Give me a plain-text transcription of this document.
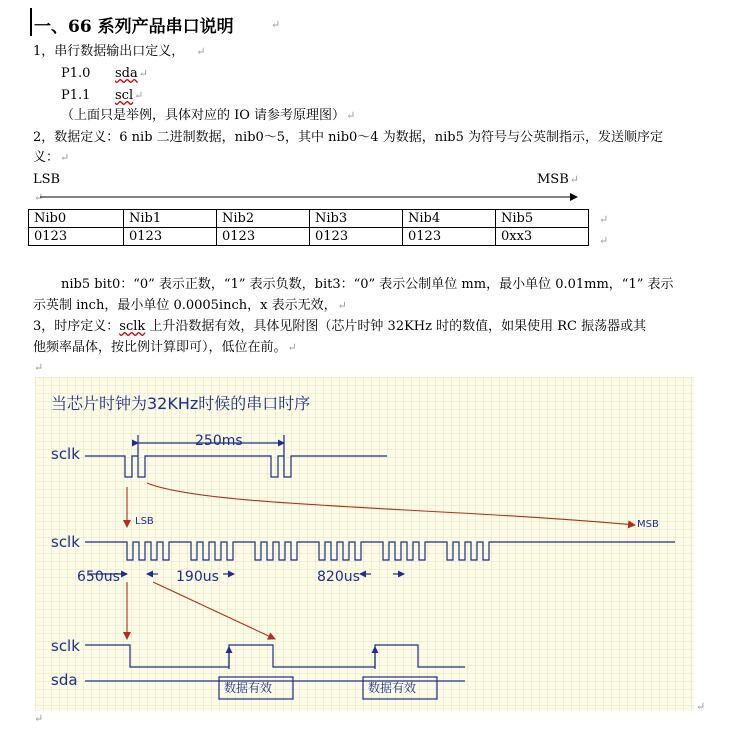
一、66 系列产品串口说明	↵
1，串行数据输出口定义， ↵
P1.0 sda↵
P1.1 scl↵
（上面只是举例，具体对应的 IO 请参考原理图）↵
2，数据定义：6 nib 二进制数据，nib0～5，其中 nib0～4 为数据，nib5 为符号与公英制指示，发送顺序定
义：↵
LSB	MSB↵
↵
Nib0	Nib1	Nib2	Nib3	Nib4	Nib5
0123	0123	0123	0123	0123	0xx3
↵
↵
nib5 bit0：“0” 表示正数，“1” 表示负数，bit3：“0” 表示公制单位 mm，最小单位 0.01mm，“1” 表示
示英制 inch，最小单位 0.0005inch，x 表示无效，↵
3，时序定义：sclk 上升沿数据有效，具体见附图（芯片时钟 32KHz 时的数值，如果使用 RC 振荡器或其
他频率晶体，按比例计算即可），低位在前。↵
↵
当芯片时钟为32KHz时候的串口时序
250ms
sclk
sclk
sclk
sda
LSB	MSB
650us	190us	820us
数据有效	数据有效
↵
↵
